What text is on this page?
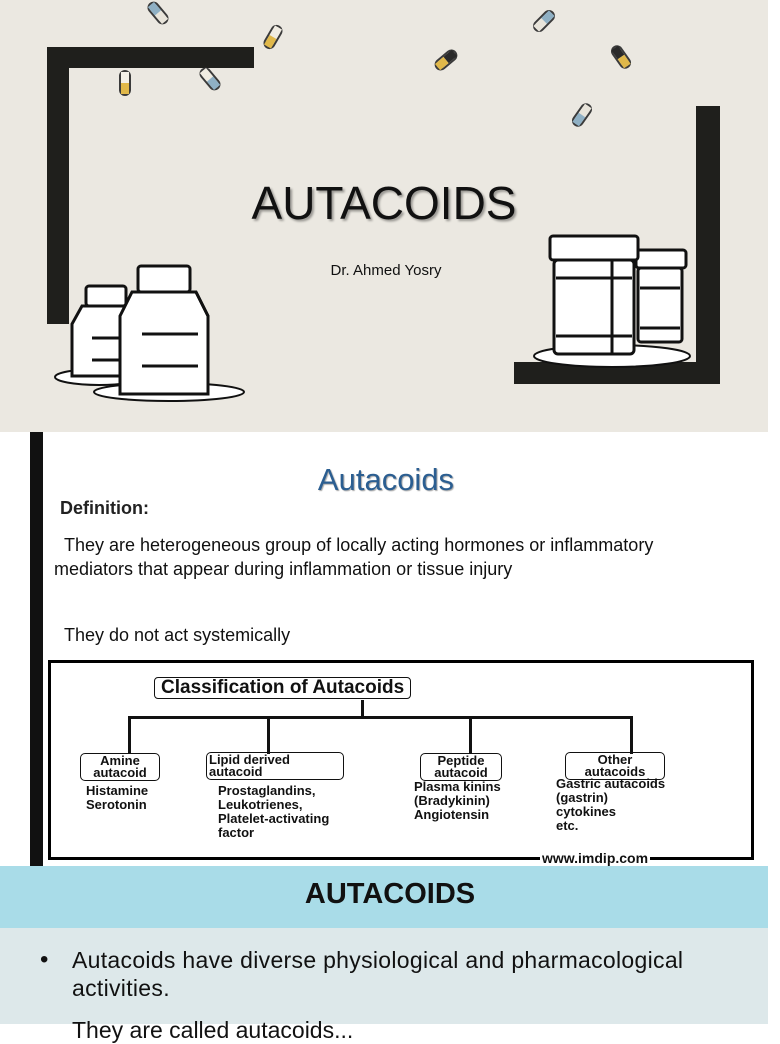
AUTACOIDS
Dr. Ahmed Yosry
Autacoids
Definition:
They are heterogeneous group of locally acting hormones or inflammatory mediators that appear during inflammation or tissue injury
They do not act systemically
Classification of Autacoids
Amine autacoid
Lipid derived autacoid
Peptide autacoid
Other autacoids
Histamine
Serotonin
Prostaglandins,
Leukotrienes,
Platelet-activating
factor
Plasma kinins
(Bradykinin)
Angiotensin
Gastric autacoids
(gastrin)
cytokines
etc.
www.imdip.com
AUTACOIDS
• Autacoids have diverse physiological and pharmacological activities.
They are called autacoids...
